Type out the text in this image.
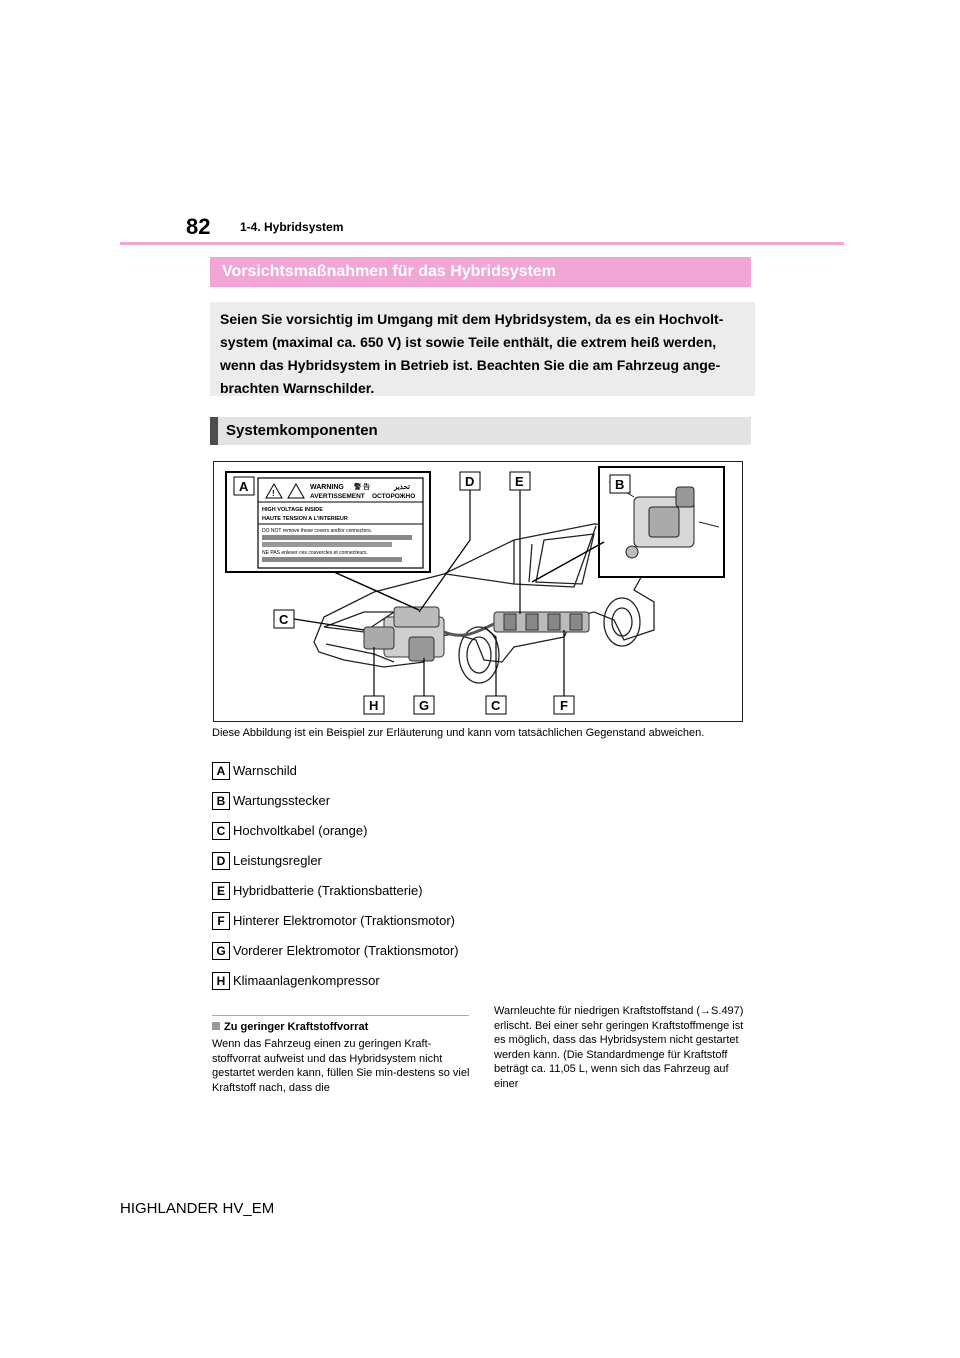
82 1-4. Hybridsystem
Vorsichtsmaßnahmen für das Hybridsystem
Seien Sie vorsichtig im Umgang mit dem Hybridsystem, da es ein Hochvolt-system (maximal ca. 650 V) ist sowie Teile enthält, die extrem heiß werden, wenn das Hybridsystem in Betrieb ist. Beachten Sie die am Fahrzeug ange-brachten Warnschilder.
Systemkomponenten
A	!
WARNING 警 告	تحذير
AVERTISSEMENT ОСТОРОЖНО
HIGH VOLTAGE INSIDE
HAUTE TENSION A L'INTERIEUR
DO NOT remove these covers and/or connectors.
NE PAS enlever ces couvercles et connecteurs.
B
D	E
C
H	G	C	F
Diese Abbildung ist ein Beispiel zur Erläuterung und kann vom tatsächlichen Gegenstand abweichen.
A Warnschild
B Wartungsstecker
C Hochvoltkabel (orange)
D Leistungsregler
E Hybridbatterie (Traktionsbatterie)
F Hinterer Elektromotor (Traktionsmotor)
G Vorderer Elektromotor (Traktionsmotor)
H Klimaanlagenkompressor
Zu geringer Kraftstoffvorrat
Wenn das Fahrzeug einen zu geringen Kraft-stoffvorrat aufweist und das Hybridsystem nicht gestartet werden kann, füllen Sie min-destens so viel Kraftstoff nach, dass die
Warnleuchte für niedrigen Kraftstoffstand (→S.497) erlischt. Bei einer sehr geringen Kraftstoffmenge ist es möglich, dass das Hybridsystem nicht gestartet werden kann. (Die Standardmenge für Kraftstoff beträgt ca. 11,05 L, wenn sich das Fahrzeug auf einer
HIGHLANDER HV_EM
